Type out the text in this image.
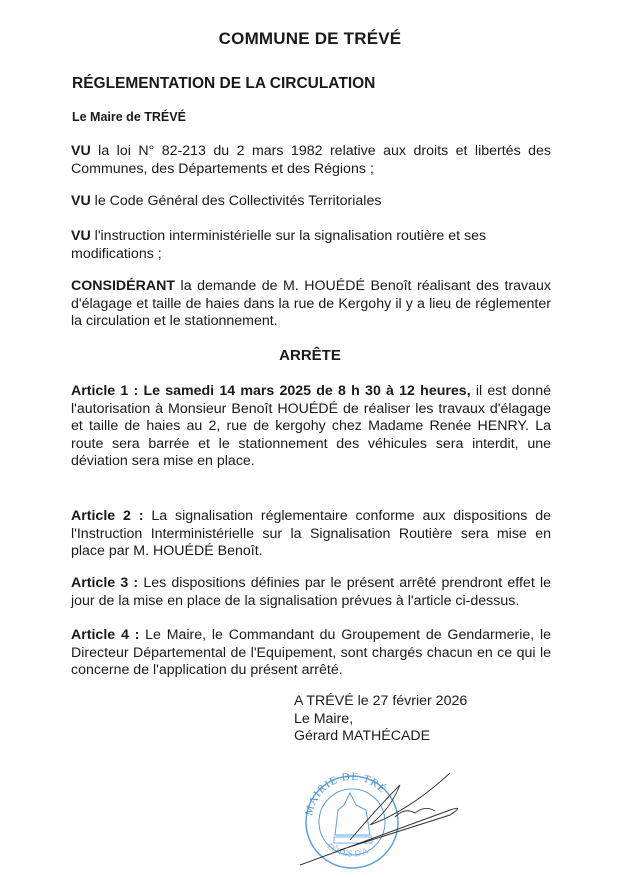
COMMUNE DE TRÉVÉ
RÉGLEMENTATION DE LA CIRCULATION
Le Maire de TRÉVÉ
VU la loi N° 82-213 du 2 mars 1982 relative aux droits et libertés des Communes, des Départements et des Régions ;
VU le Code Général des Collectivités Territoriales
VU l'instruction interministérielle sur la signalisation routière et ses modifications ;
CONSIDÉRANT la demande de M. HOUÉDÉ Benoît réalisant des travaux d'élagage et taille de haies dans la rue de Kergohy il y a lieu de réglementer la circulation et le stationnement.
ARRÊTE
Article 1 : Le samedi 14 mars 2025 de 8 h 30 à 12 heures, il est donné l'autorisation à Monsieur Benoît HOUÉDÉ de réaliser les travaux d'élagage et taille de haies au 2, rue de kergohy chez Madame Renée HENRY. La route sera barrée et le stationnement des véhicules sera interdit, une déviation sera mise en place.
Article 2 : La signalisation réglementaire conforme aux dispositions de l'Instruction Interministérielle sur la Signalisation Routière sera mise en place par M. HOUÉDÉ Benoît.
Article 3 : Les dispositions définies par le présent arrêté prendront effet le jour de la mise en place de la signalisation prévues à l'article ci-dessus.
Article 4 : Le Maire, le Commandant du Groupement de Gendarmerie, le Directeur Départemental de l'Equipement, sont chargés chacun en ce qui le concerne de l'application du présent arrêté.
A TRÉVÉ le 27 février 2026
Le Maire,
Gérard MATHÉCADE
MAIRIE DE TRÉ
CÔTES D'A
